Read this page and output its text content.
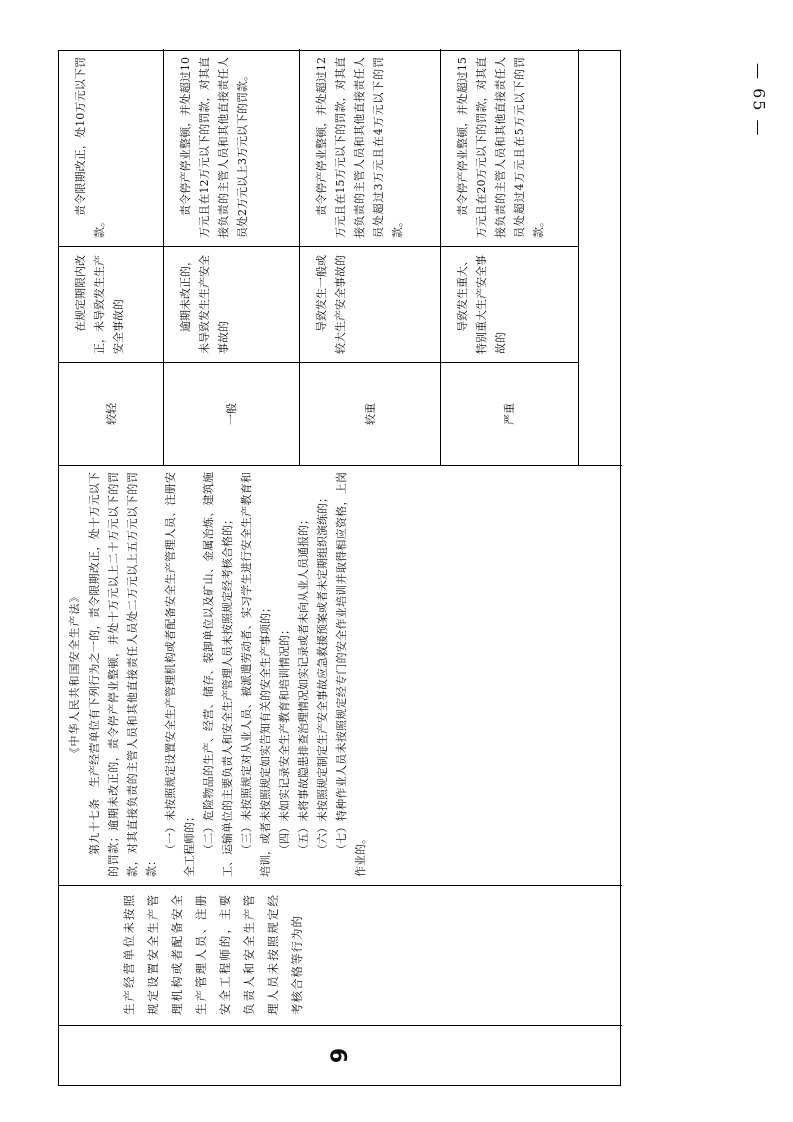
— 65 —
9
生产经营单位未按照规定设置安全生产管理机构或者配备安全生产管理人员、注册安全工程师的，主要负责人和安全生产管理人员未按照规定经考核合格等行为的
《中华人民共和国安全生产法》 第九十七条　生产经营单位有下列行为之一的，责令限期改正，处十万元以下的罚款；逾期未改正的，责令停产停业整顿，并处十万元以上二十万元以下的罚款，对其直接负责的主管人员和其他直接责任人员处二万元以上五万元以下的罚款：

（一）未按照规定设置安全生产管理机构或者配备安全生产管理人员、注册安全工程师的； （二）危险物品的生产、经营、储存、装卸单位以及矿山、金属冶炼、建筑施工、运输单位的主要负责人和安全生产管理人员未按照规定经考核合格的； （三）未按照规定对从业人员、被派遣劳动者、实习学生进行安全生产教育和培训，或者未按照规定如实告知有关的安全生产事项的； （四）未如实记录安全生产教育和培训情况的； （五）未将事故隐患排查治理情况如实记录或者未向从业人员通报的； （六）未按照规定制定生产安全事故应急救援预案或者未定期组织演练的； （七）特种作业人员未按照规定经专门的安全作业培训并取得相应资格，上岗作业的。

较轻
在规定期限内改正，未导致发生生产安全事故的
责令限期改正，处10万元以下罚款。
一般
逾期未改正的，未导致发生生产安全事故的
责令停产停业整顿，并处超过10万元且在12万元以下的罚款，对其直接负责的主管人员和其他直接责任人员处2万元以上3万元以下的罚款。
较重
导致发生一般或较大生产安全事故的
责令停产停业整顿，并处超过12万元且在15万元以下的罚款，对其直接负责的主管人员和其他直接责任人员处超过3万元且在4万元以下的罚款。
严重
导致发生重大、特别重大生产安全事故的
责令停产停业整顿，并处超过15万元且在20万元以下的罚款，对其直接负责的主管人员和其他直接责任人员处超过4万元且在5万元以下的罚款。
